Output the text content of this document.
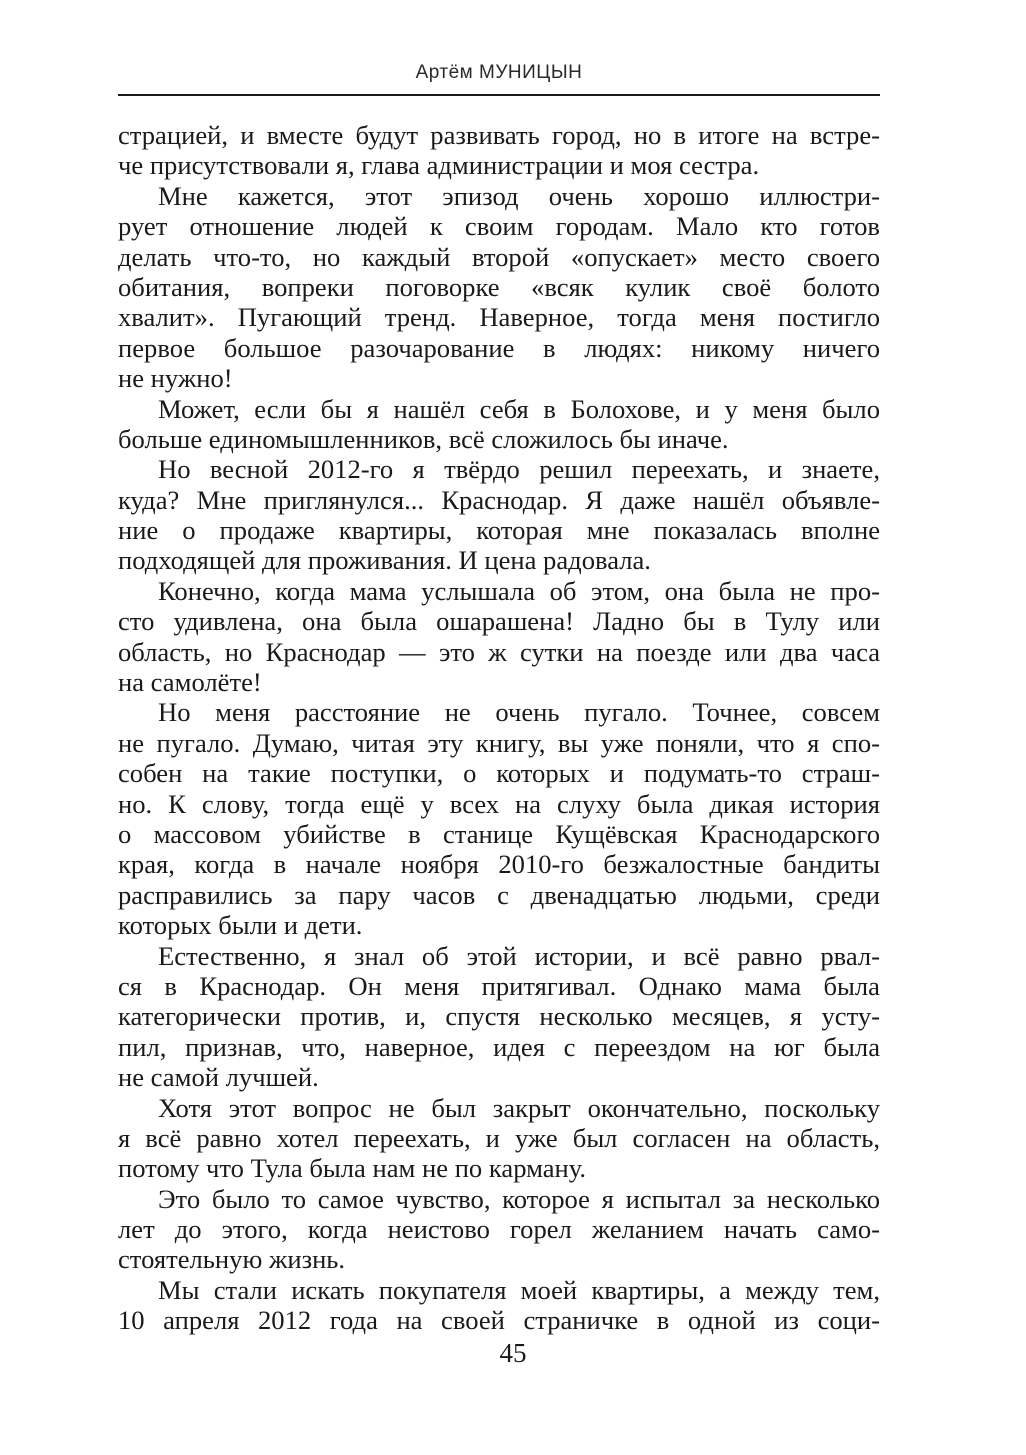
Артём МУНИЦЫН
страцией, и вместе будут развивать город, но в итоге на встре-
че присутствовали я, глава администрации и моя сестра.
Мне кажется, этот эпизод очень хорошо иллюстри-
рует отношение людей к своим городам. Мало кто готов
делать что-то, но каждый второй «опускает» место своего
обитания, вопреки поговорке «всяк кулик своё болото
хвалит». Пугающий тренд. Наверное, тогда меня постигло
первое большое разочарование в людях: никому ничего
не нужно!
Может, если бы я нашёл себя в Болохове, и у меня было
больше единомышленников, всё сложилось бы иначе.
Но весной 2012-го я твёрдо решил переехать, и знаете,
куда? Мне приглянулся... Краснодар. Я даже нашёл объявле-
ние о продаже квартиры, которая мне показалась вполне
подходящей для проживания. И цена радовала.
Конечно, когда мама услышала об этом, она была не про-
сто удивлена, она была ошарашена! Ладно бы в Тулу или
область, но Краснодар — это ж сутки на поезде или два часа
на самолёте!
Но меня расстояние не очень пугало. Точнее, совсем
не пугало. Думаю, читая эту книгу, вы уже поняли, что я спо-
собен на такие поступки, о которых и подумать-то страш-
но. К слову, тогда ещё у всех на слуху была дикая история
о массовом убийстве в станице Кущёвская Краснодарского
края, когда в начале ноября 2010-го безжалостные бандиты
расправились за пару часов с двенадцатью людьми, среди
которых были и дети.
Естественно, я знал об этой истории, и всё равно рвал-
ся в Краснодар. Он меня притягивал. Однако мама была
категорически против, и, спустя несколько месяцев, я усту-
пил, признав, что, наверное, идея с переездом на юг была
не самой лучшей.
Хотя этот вопрос не был закрыт окончательно, поскольку
я всё равно хотел переехать, и уже был согласен на область,
потому что Тула была нам не по карману.
Это было то самое чувство, которое я испытал за несколько
лет до этого, когда неистово горел желанием начать само-
стоятельную жизнь.
Мы стали искать покупателя моей квартиры, а между тем,
10 апреля 2012 года на своей страничке в одной из соци-
45
